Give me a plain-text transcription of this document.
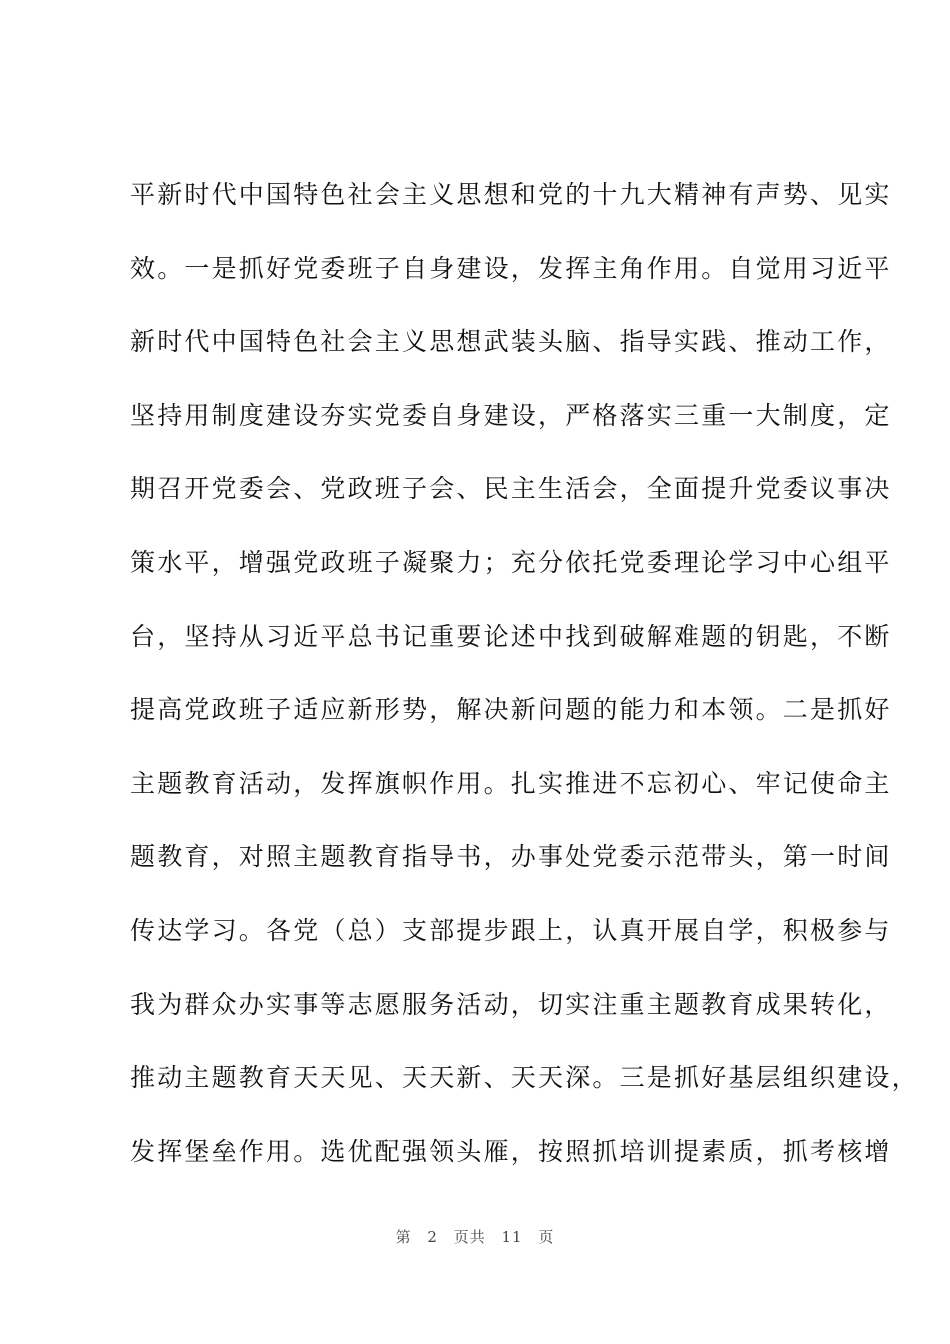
平新时代中国特色社会主义思想和党的十九大精神有声势、见实
效。一是抓好党委班子自身建设，发挥主角作用。自觉用习近平
新时代中国特色社会主义思想武装头脑、指导实践、推动工作，
坚持用制度建设夯实党委自身建设，严格落实三重一大制度，定
期召开党委会、党政班子会、民主生活会，全面提升党委议事决
策水平，增强党政班子凝聚力；充分依托党委理论学习中心组平
台，坚持从习近平总书记重要论述中找到破解难题的钥匙，不断
提高党政班子适应新形势，解决新问题的能力和本领。二是抓好
主题教育活动，发挥旗帜作用。扎实推进不忘初心、牢记使命主
题教育，对照主题教育指导书，办事处党委示范带头，第一时间
传达学习。各党（总）支部提步跟上，认真开展自学，积极参与
我为群众办实事等志愿服务活动，切实注重主题教育成果转化，
推动主题教育天天见、天天新、天天深。三是抓好基层组织建设，
发挥堡垒作用。选优配强领头雁，按照抓培训提素质，抓考核增
第 2 页共 11 页
